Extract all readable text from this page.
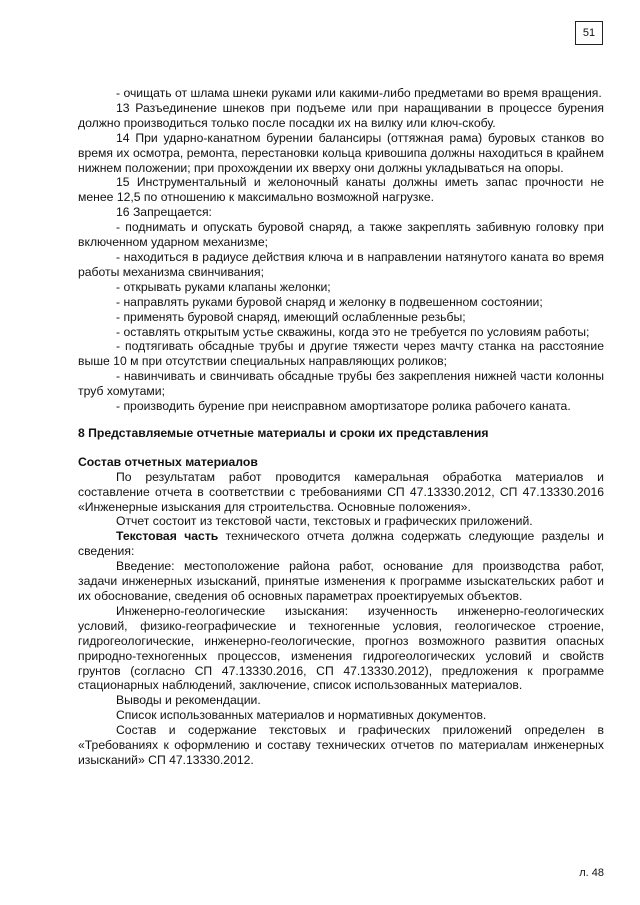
51

- очищать от шлама шнеки руками или какими-либо предметами во время вращения.

13 Разъединение шнеков при подъеме или при наращивании в процессе бурения должно производиться только после посадки их на вилку или ключ-скобу.

14 При ударно-канатном бурении балансиры (оттяжная рама) буровых станков во время их осмотра, ремонта, перестановки кольца кривошипа должны находиться в крайнем нижнем положении; при прохождении их вверху они должны укладываться на опоры.

15 Инструментальный и желоночный канаты должны иметь запас прочности не менее 12,5 по отношению к максимально возможной нагрузке.

16 Запрещается:

- поднимать и опускать буровой снаряд, а также закреплять забивную головку при включенном ударном механизме;

- находиться в радиусе действия ключа и в направлении натянутого каната во время работы механизма свинчивания;

- открывать руками клапаны желонки;

- направлять руками буровой снаряд и желонку в подвешенном состоянии;

- применять буровой снаряд, имеющий ослабленные резьбы;

- оставлять открытым устье скважины, когда это не требуется по условиям работы;

- подтягивать обсадные трубы и другие тяжести через мачту станка на расстояние выше 10 м при отсутствии специальных направляющих роликов;

- навинчивать и свинчивать обсадные трубы без закрепления нижней части колонны труб хомутами;

- производить бурение при неисправном амортизаторе ролика рабочего каната.

8 Представляемые отчетные материалы и сроки их представления

Состав отчетных материалов

По результатам работ проводится камеральная обработка материалов и составление отчета в соответствии с требованиями СП 47.13330.2012, СП 47.13330.2016 «Инженерные изыскания для строительства. Основные положения».

Отчет состоит из текстовой части, текстовых и графических приложений.

Текстовая часть технического отчета должна содержать следующие разделы и сведения:

Введение: местоположение района работ, основание для производства работ, задачи инженерных изысканий, принятые изменения к программе изыскательских работ и их обоснование, сведения об основных параметрах проектируемых объектов.

Инженерно-геологические изыскания: изученность инженерно-геологических условий, физико-географические и техногенные условия, геологическое строение, гидрогеологические, инженерно-геологические, прогноз возможного развития опасных природно-техногенных процессов, изменения гидрогеологических условий и свойств грунтов (согласно СП 47.13330.2016, СП 47.13330.2012), предложения к программе стационарных наблюдений, заключение, список использованных материалов.

Выводы и рекомендации.

Список использованных материалов и нормативных документов.

Состав и содержание текстовых и графических приложений определен в «Требованиях к оформлению и составу технических отчетов по материалам инженерных изысканий» СП 47.13330.2012.

л. 48
